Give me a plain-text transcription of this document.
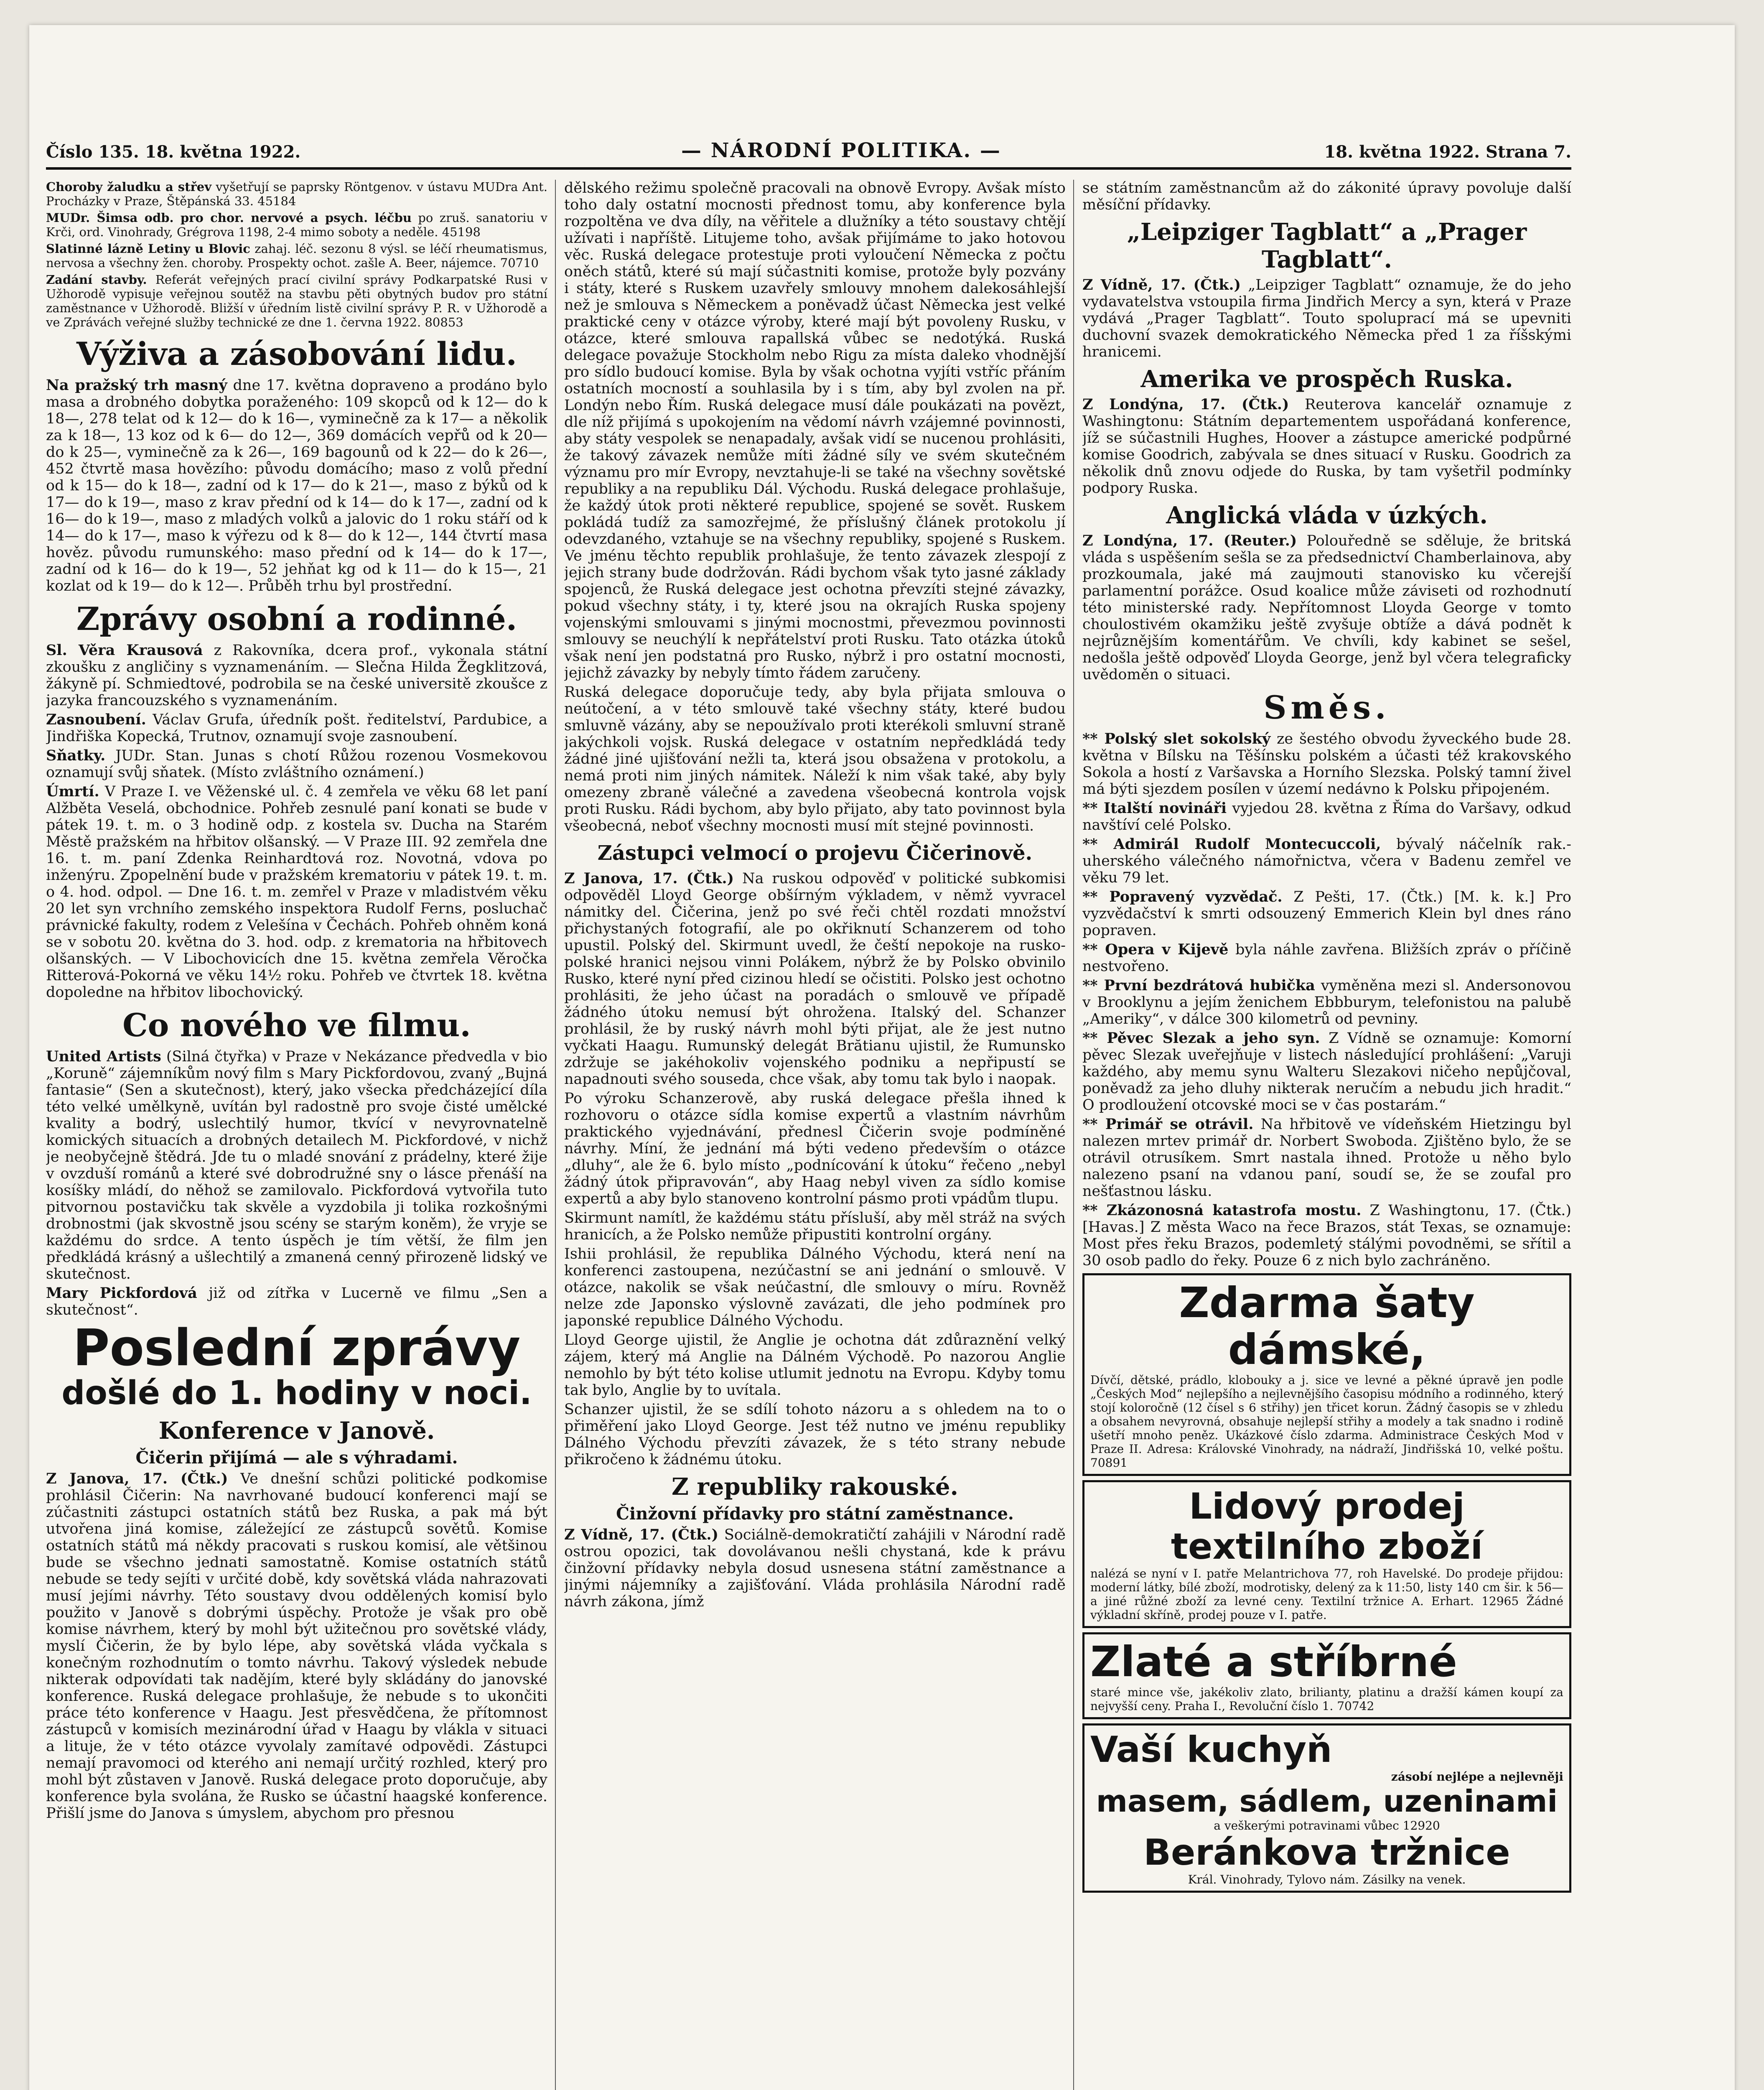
Číslo 135. 18. května 1922.	— NÁRODNÍ POLITIKA. —	18. května 1922. Strana 7.

Choroby žaludku a střev vyšetřují se paprsky Röntgenov. v ústavu MUDra Ant. Procházky v Praze, Štěpánská 33. 45184

MUDr. Šimsa odb. pro chor. nervové a psych. léčbu po zruš. sanatoriu v Krči, ord. Vinohrady, Grégrova 1198, 2-4 mimo soboty a neděle. 45198

Slatinné lázně Letiny u Blovic zahaj. léč. sezonu 8 výsl. se léčí rheumatismus, nervosa a všechny žen. choroby. Prospekty ochot. zašle A. Beer, nájemce. 70710

Zadání stavby. Referát veřejných prací civilní správy Podkarpatské Rusi v Užhorodě vypisuje veřejnou soutěž na stavbu pěti obytných budov pro státní zaměstnance v Užhorodě. Bližší v úředním listě civilní správy P. R. v Užhorodě a ve Zprávách veřejné služby technické ze dne 1. června 1922. 80853

Výživa a zásobování lidu.

Na pražský trh masný dne 17. května dopraveno a prodáno bylo masa a drobného dobytka poraženého: 109 skopců od k 12— do k 18—, 278 telat od k 12— do k 16—, vyminečně za k 17— a několik za k 18—, 13 koz od k 6— do 12—, 369 domácích vepřů od k 20— do k 25—, vyminečně za k 26—, 169 bagounů od k 22— do k 26—, 452 čtvrtě masa hovězího: původu domácího; maso z volů přední od k 15— do k 18—, zadní od k 17— do k 21—, maso z býků od k 17— do k 19—, maso z krav přední od k 14— do k 17—, zadní od k 16— do k 19—, maso z mladých volků a jalovic do 1 roku stáří od k 14— do k 17—, maso k výřezu od k 8— do k 12—, 144 čtvrtí masa hověz. původu rumunského: maso přední od k 14— do k 17—, zadní od k 16— do k 19—, 52 jehňat kg od k 11— do k 15—, 21 kozlat od k 19— do k 12—. Průběh trhu byl prostřední.

Zprávy osobní a rodinné.

Sl. Věra Krausová z Rakovníka, dcera prof., vykonala státní zkoušku z angličiny s vyznamenáním. — Slečna Hilda Žegklitzová, žákyně pí. Schmiedtové, podrobila se na české universitě zkoušce z jazyka francouzského s vyznamenáním.

Zasnoubení. Václav Grufa, úředník pošt. ředitelství, Pardubice, a Jindřiška Kopecká, Trutnov, oznamují svoje zasnoubení.

Sňatky. JUDr. Stan. Junas s chotí Růžou rozenou Vosmekovou oznamují svůj sňatek. (Místo zvláštního oznámení.)

Úmrtí. V Praze I. ve Věženské ul. č. 4 zemřela ve věku 68 let paní Alžběta Veselá, obchodnice. Pohřeb zesnulé paní konati se bude v pátek 19. t. m. o 3 hodině odp. z kostela sv. Ducha na Starém Městě pražském na hřbitov olšanský. — V Praze III. 92 zemřela dne 16. t. m. paní Zdenka Reinhardtová roz. Novotná, vdova po inženýru. Zpopelnění bude v pražském krematoriu v pátek 19. t. m. o 4. hod. odpol. — Dne 16. t. m. zemřel v Praze v mladistvém věku 20 let syn vrchního zemského inspektora Rudolf Ferns, posluchač právnické fakulty, rodem z Velešína v Čechách. Pohřeb ohněm koná se v sobotu 20. května do 3. hod. odp. z krematoria na hřbitovech olšanských. — V Libochovicích dne 15. května zemřela Věročka Ritterová-Pokorná ve věku 14½ roku. Pohřeb ve čtvrtek 18. května dopoledne na hřbitov libochovický.

Co nového ve filmu.

United Artists (Silná čtyřka) v Praze v Nekázance předvedla v bio „Koruně“ zájemníkům nový film s Mary Pickfordovou, zvaný „Bujná fantasie“ (Sen a skutečnost), který, jako všecka předcházející díla této velké umělkyně, uvítán byl radostně pro svoje čisté umělcké kvality a bodrý, uslechtilý humor, tkvící v nevyrovnatelně komických situacích a drobných detailech M. Pickfordové, v nichž je neobyčejně štědrá. Jde tu o mladé snování z prádelny, které žije v ovzduší románů a které své dobrodružné sny o lásce přenáší na kosíšky mládí, do něhož se zamilovalo. Pickfordová vytvořila tuto pitvornou postavičku tak skvěle a vyzdobila ji tolika rozkošnými drobnostmi (jak skvostně jsou scény se starým koněm), že vryje se každému do srdce. A tento úspěch je tím větší, že film jen předkládá krásný a ušlechtilý a zmanená cenný přirozeně lidský ve skutečnost.

Mary Pickfordová již od zítřka v Lucerně ve filmu „Sen a skutečnost“.

Poslední zprávy
došlé do 1. hodiny v noci.
Konference v Janově.
Čičerin přijímá — ale s výhradami.

Z Janova, 17. (Čtk.) Ve dnešní schůzi politické podkomise prohlásil Čičerin: Na navrhované budoucí konferenci mají se zúčastniti zástupci ostatních států bez Ruska, a pak má být utvořena jiná komise, záležející ze zástupců sovětů. Komise ostatních států má někdy pracovati s ruskou komisí, ale většinou bude se všechno jednati samostatně. Komise ostatních států nebude se tedy sejíti v určité době, kdy sovětská vláda nahrazovati musí jejími návrhy. Této soustavy dvou oddělených komisí bylo použito v Janově s dobrými úspěchy. Protože je však pro obě komise návrhem, který by mohl být užitečnou pro sovětské vlády, myslí Čičerin, že by bylo lépe, aby sovětská vláda vyčkala s konečným rozhodnutím o tomto návrhu. Takový výsledek nebude nikterak odpovídati tak nadějím, které byly skládány do janovské konference. Ruská delegace prohlašuje, že nebude s to ukončiti práce této konference v Haagu. Jest přesvědčena, že přítomnost zástupců v komisích mezinárodní úřad v Haagu by vlákla v situaci a lituje, že v této otázce vyvolaly zamítavé odpovědi. Zástupci nemají pravomoci od kterého ani nemají určitý rozhled, který pro mohl být zůstaven v Janově. Ruská delegace proto doporučuje, aby konference byla svolána, že Rusko se účastní haagské konference. Přišlí jsme do Janova s úmyslem, abychom pro přesnou

dělského režimu společně pracovali na obnově Evropy. Avšak místo toho daly ostatní mocnosti přednost tomu, aby konference byla rozpoltěna ve dva díly, na věřitele a dlužníky a této soustavy chtějí užívati i napříště. Litujeme toho, avšak přijímáme to jako hotovou věc. Ruská delegace protestuje proti vyloučení Německa z počtu oněch států, které sú mají súčastniti komise, protože byly pozvány i státy, které s Ruskem uzavřely smlouvy mnohem dalekosáhlejší než je smlouva s Německem a poněvadž účast Německa jest velké praktické ceny v otázce výroby, které mají být povoleny Rusku, v otázce, které smlouva rapallská vůbec se nedotýká. Ruská delegace považuje Stockholm nebo Rigu za místa daleko vhodnější pro sídlo budoucí komise. Byla by však ochotna vyjíti vstříc přáním ostatních mocností a souhlasila by i s tím, aby byl zvolen na př. Londýn nebo Řím. Ruská delegace musí dále poukázati na povězt, dle níž přijímá s upokojením na vědomí návrh vzájemné povinnosti, aby státy vespolek se nenapadaly, avšak vidí se nucenou prohlásiti, že takový závazek nemůže míti žádné síly ve svém skutečném významu pro mír Evropy, nevztahuje-li se také na všechny sovětské republiky a na republiku Dál. Východu. Ruská delegace prohlašuje, že každý útok proti některé republice, spojené se sovět. Ruskem pokládá tudíž za samozřejmé, že příslušný článek protokolu jí odevzdaného, vztahuje se na všechny republiky, spojené s Ruskem. Ve jménu těchto republik prohlašuje, že tento závazek zlespojí z jejich strany bude dodržován. Rádi bychom však tyto jasné základy spojenců, že Ruská delegace jest ochotna převzíti stejné závazky, pokud všechny státy, i ty, které jsou na okrajích Ruska spojeny vojenskými smlouvami s jinými mocnostmi, převezmou povinnosti smlouvy se neuchýlí k nepřátelství proti Rusku. Tato otázka útoků však není jen podstatná pro Rusko, nýbrž i pro ostatní mocnosti, jejichž závazky by nebyly tímto řádem zaručeny.

Ruská delegace doporučuje tedy, aby byla přijata smlouva o neútočení, a v této smlouvě také všechny státy, které budou smluvně vázány, aby se nepoužívalo proti kterékoli smluvní straně jakýchkoli vojsk. Ruská delegace v ostatním nepředkládá tedy žádné jiné ujišťování nežli ta, která jsou obsažena v protokolu, a nemá proti nim jiných námitek. Náleží k nim však také, aby byly omezeny zbraně válečné a zavedena všeobecná kontrola vojsk proti Rusku. Rádi bychom, aby bylo přijato, aby tato povinnost byla všeobecná, neboť všechny mocnosti musí mít stejné povinnosti.

Zástupci velmocí o projevu Čičerinově.

Z Janova, 17. (Čtk.) Na ruskou odpověď v politické subkomisi odpověděl Lloyd George obšírným výkladem, v němž vyvracel námitky del. Čičerina, jenž po své řeči chtěl rozdati množství přichystaných fotografií, ale po okřiknutí Schanzerem od toho upustil. Polský del. Skirmunt uvedl, že čeští nepokoje na rusko-polské hranici nejsou vinni Polákem, nýbrž že by Polsko obvinilo Rusko, které nyní před cizinou hledí se očistiti. Polsko jest ochotno prohlásiti, že jeho účast na poradách o smlouvě ve případě žádného útoku nemusí být ohrožena. Italský del. Schanzer prohlásil, že by ruský návrh mohl býti přijat, ale že jest nutno vyčkati Haagu. Rumunský delegát Brătianu ujistil, že Rumunsko zdržuje se jakéhokoliv vojenského podniku a nepřipustí se napadnouti svého souseda, chce však, aby tomu tak bylo i naopak.

Po výroku Schanzerově, aby ruská delegace přešla ihned k rozhovoru o otázce sídla komise expertů a vlastním návrhům praktického vyjednávání, přednesl Čičerin svoje podmíněné návrhy. Míní, že jednání má býti vedeno především o otázce „dluhy“, ale že 6. bylo místo „podnícování k útoku“ řečeno „nebyl žádný útok připravován“, aby Haag nebyl viven za sídlo komise expertů a aby bylo stanoveno kontrolní pásmo proti vpádům tlupu.

Skirmunt namítl, že každému státu přísluší, aby měl stráž na svých hranicích, a že Polsko nemůže připustiti kontrolní orgány.

Ishii prohlásil, že republika Dálného Východu, která není na konferenci zastoupena, nezúčastní se ani jednání o smlouvě. V otázce, nakolik se však neúčastní, dle smlouvy o míru. Rovněž nelze zde Japonsko výslovně zavázati, dle jeho podmínek pro japonské republice Dálného Východu.

Lloyd George ujistil, že Anglie je ochotna dát zdůraznění velký zájem, který má Anglie na Dálném Východě. Po nazorou Anglie nemohlo by být této kolise utlumit jednotu na Evropu. Kdyby tomu tak bylo, Anglie by to uvítala.

Schanzer ujistil, že se sdílí tohoto názoru a s ohledem na to o přiměření jako Lloyd George. Jest též nutno ve jménu republiky Dálného Východu převzíti závazek, že s této strany nebude přikročeno k žádnému útoku.

Z republiky rakouské.
Činžovní přídavky pro státní zaměstnance.

Z Vídně, 17. (Čtk.) Sociálně-demokratičtí zahájili v Národní radě ostrou opozici, tak dovolávanou nešli chystaná, kde k právu činžovní přídavky nebyla dosud usnesena státní zaměstnance a jinými nájemníky a zajišťování. Vláda prohlásila Národní radě návrh zákona, jímž

se státním zaměstnancům až do zákonité úpravy povoluje další měsíční přídavky.

„Leipziger Tagblatt“ a „Prager Tagblatt“.

Z Vídně, 17. (Čtk.) „Leipziger Tagblatt“ oznamuje, že do jeho vydavatelstva vstoupila firma Jindřich Mercy a syn, která v Praze vydává „Prager Tagblatt“. Touto spoluprací má se upevniti duchovní svazek demokratického Německa před 1 za říšskými hranicemi.

Amerika ve prospěch Ruska.

Z Londýna, 17. (Čtk.) Reuterova kancelář oznamuje z Washingtonu: Státním departementem uspořádaná konference, jíž se súčastnili Hughes, Hoover a zástupce americké podpůrné komise Goodrich, zabývala se dnes situací v Rusku. Goodrich za několik dnů znovu odjede do Ruska, by tam vyšetřil podmínky podpory Ruska.

Anglická vláda v úzkých.

Z Londýna, 17. (Reuter.) Polouředně se sděluje, že britská vláda s uspěšením sešla se za předsednictví Chamberlainova, aby prozkoumala, jaké má zaujmouti stanovisko ku včerejší parlamentní porážce. Osud koalice může záviseti od rozhodnutí této ministerské rady. Nepřítomnost Lloyda George v tomto choulostivém okamžiku ještě zvyšuje obtíže a dává podnět k nejrůznějším komentářům. Ve chvíli, kdy kabinet se sešel, nedošla ještě odpověď Lloyda George, jenž byl včera telegraficky uvědoměn o situaci.

Směs.

** Polský slet sokolský ze šestého obvodu žyveckého bude 28. května v Bílsku na Těšínsku polském a účasti též krakovského Sokola a hostí z Varšavska a Horního Slezska. Polský tamní živel má býti sjezdem posílen v území nedávno k Polsku připojeném.

** Italští novináři vyjedou 28. května z Říma do Varšavy, odkud navštíví celé Polsko.

** Admirál Rudolf Montecuccoli, bývalý náčelník rak.-uherského válečného námořnictva, včera v Badenu zemřel ve věku 79 let.

** Popravený vyzvědač. Z Pešti, 17. (Čtk.) [M. k. k.] Pro vyzvědačství k smrti odsouzený Emmerich Klein byl dnes ráno popraven.

** Opera v Kijevě byla náhle zavřena. Bližších zpráv o příčině nestvořeno.

** První bezdrátová hubička vyměněna mezi sl. Andersonovou v Brooklynu a jejím ženichem Ebbburym, telefonistou na palubě „Ameriky“, v dálce 300 kilometrů od pevniny.

** Pěvec Slezak a jeho syn. Z Vídně se oznamuje: Komorní pěvec Slezak uveřejňuje v listech následující prohlášení: „Varuji každého, aby memu synu Walteru Slezakovi ničeho nepůjčoval, poněvadž za jeho dluhy nikterak neručím a nebudu jich hradit.“ O prodloužení otcovské moci se v čas postarám.“

** Primář se otrávil. Na hřbitově ve vídeňském Hietzingu byl nalezen mrtev primář dr. Norbert Swoboda. Zjištěno bylo, že se otrávil otrusíkem. Smrt nastala ihned. Protože u něho bylo nalezeno psaní na vdanou paní, soudí se, že se zoufal pro nešťastnou lásku.

** Zkázonosná katastrofa mostu. Z Washingtonu, 17. (Čtk.) [Havas.] Z města Waco na řece Brazos, stát Texas, se oznamuje: Most přes řeku Brazos, podemletý stálými povodněmi, se sřítil a 30 osob padlo do řeky. Pouze 6 z nich bylo zachráněno.

Zdarma šaty dámské,
Dívčí, dětské, prádlo, klobouky a j. sice ve levné a pěkné úpravě jen podle „Českých Mod“ nejlepšího a nejlevnějšího časopisu módního a rodinného, který stojí koloročně (12 čísel s 6 střihy) jen třicet korun. Žádný časopis se v zhledu a obsahem nevyrovná, obsahuje nejlepší střihy a modely a tak snadno i rodině ušetří mnoho peněz. Ukázkové číslo zdarma. Administrace Českých Mod v Praze II. Adresa: Královské Vinohrady, na nádraží, Jindřišská 10, velké poštu. 70891
Lidový prodej
textilního zboží
nalézá se nyní v I. patře Melantrichova 77, roh Havelské. Do prodeje přijdou: moderní látky, bílé zboží, modrotisky, delený za k 11:50, listy 140 cm šir. k 56— a jiné růžné zboží za levné ceny. Textilní tržnice A. Erhart. 12965 Žádné výkladní skříně, prodej pouze v I. patře.
Zlaté a stříbrné
staré mince vše, jakékoliv zlato, brilianty, platinu a dražší kámen koupí za nejvyšší ceny. Praha I., Revoluční číslo 1. 70742
Vaší kuchyň
zásobí nejlépe a nejlevněji
masem, sádlem, uzeninami
a veškerými potravinami vůbec 12920
Beránkova tržnice
Král. Vinohrady, Tylovo nám. Zásilky na venek.
